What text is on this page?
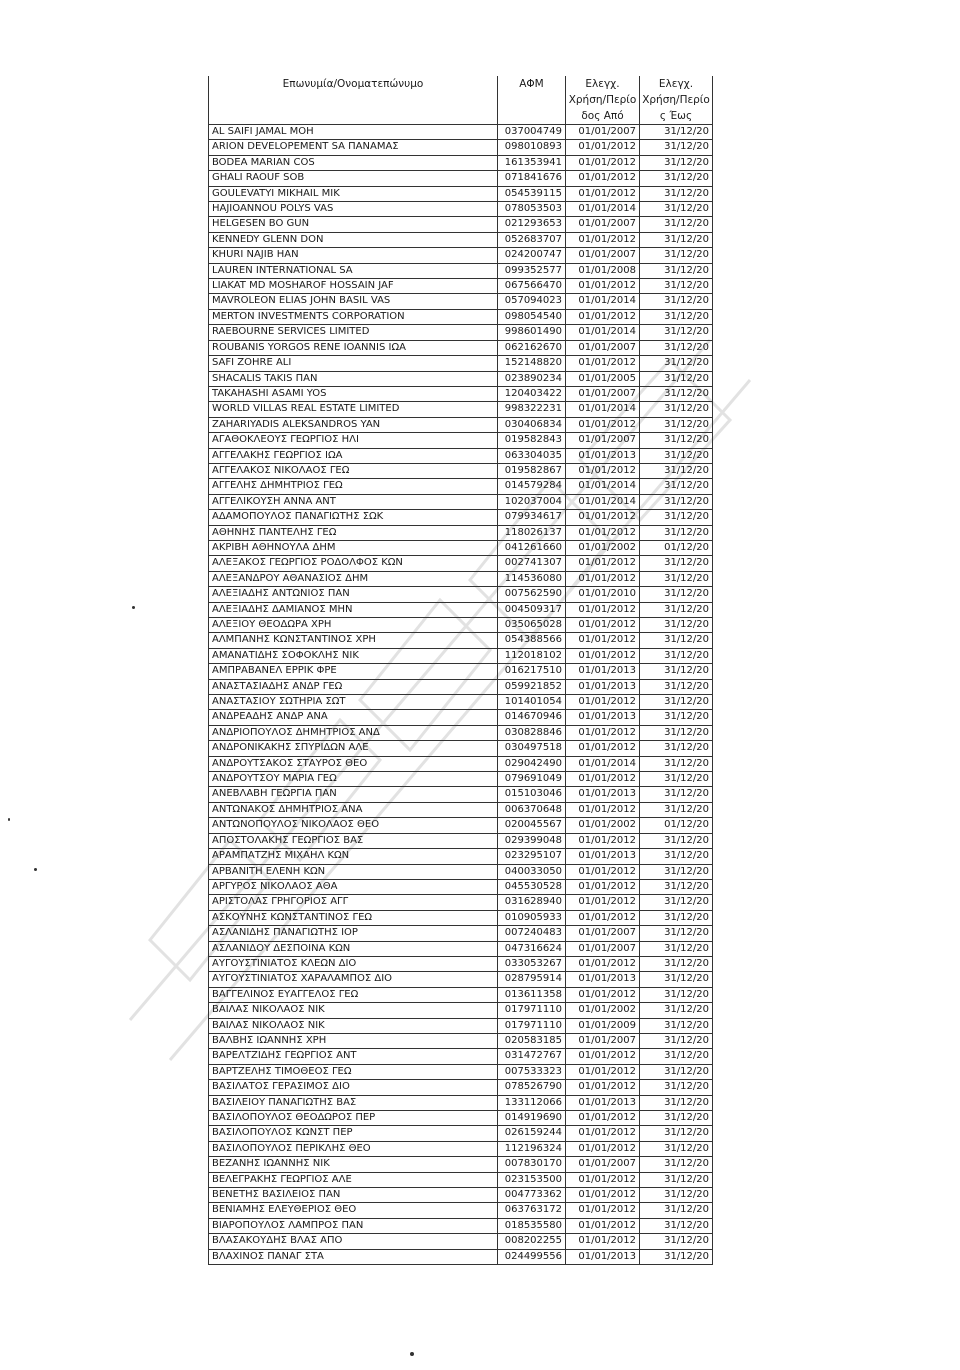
Επωνυμία/Ονοματεπώνυμο	ΑΦΜ	Ελεγχ. Χρήση/Περίο δος Από	Ελεγχ. Χρήση/Περίο ς Έως
AL SAIFI JAMAL MOH	037004749	01/01/2007	31/12/20
ARION DEVELOPEMENT SA ΠΑΝΑΜΑΣ	098010893	01/01/2012	31/12/20
BODEA MARIAN COS	161353941	01/01/2012	31/12/20
GHALI RAOUF SOB	071841676	01/01/2012	31/12/20
GOULEVATYI MIKHAIL MIK	054539115	01/01/2012	31/12/20
HAJIOANNOU POLYS VAS	078053503	01/01/2014	31/12/20
HELGESEN BO GUN	021293653	01/01/2007	31/12/20
KENNEDY GLENN DON	052683707	01/01/2012	31/12/20
KHURI NAJIB HAN	024200747	01/01/2007	31/12/20
LAUREN INTERNATIONAL SA	099352577	01/01/2008	31/12/20
LIAKAT MD MOSHAROF HOSSAIN JAF	067566470	01/01/2012	31/12/20
MAVROLEON ELIAS JOHN BASIL VAS	057094023	01/01/2014	31/12/20
MERTON INVESTMENTS CORPORATION	098054540	01/01/2012	31/12/20
RAEBOURNE SERVICES LIMITED	998601490	01/01/2014	31/12/20
ROUBANIS YORGOS RENE IOANNIS ΙΩΑ	062162670	01/01/2007	31/12/20
SAFI ZOHRE ALI	152148820	01/01/2012	31/12/20
SHACALIS TAKIS ΠΑΝ	023890234	01/01/2005	31/12/20
TAKAHASHI ASAMI YOS	120403422	01/01/2007	31/12/20
WORLD VILLAS REAL ESTATE LIMITED	998322231	01/01/2014	31/12/20
ZAHARIYADIS ALEKSANDROS YAN	030406834	01/01/2012	31/12/20
ΑΓΑΘΟΚΛΕΟΥΣ ΓΕΩΡΓΙΟΣ ΗΛΙ	019582843	01/01/2007	31/12/20
ΑΓΓΕΛΑΚΗΣ ΓΕΩΡΓΙΟΣ ΙΩΑ	063304035	01/01/2013	31/12/20
ΑΓΓΕΛΑΚΟΣ ΝΙΚΟΛΑΟΣ ΓΕΩ	019582867	01/01/2012	31/12/20
ΑΓΓΕΛΗΣ ΔΗΜΗΤΡΙΟΣ ΓΕΩ	014579284	01/01/2014	31/12/20
ΑΓΓΕΛΙΚΟΥΣΗ ΑΝΝΑ ΑΝΤ	102037004	01/01/2014	31/12/20
ΑΔΑΜΟΠΟΥΛΟΣ ΠΑΝΑΓΙΩΤΗΣ ΣΩΚ	079934617	01/01/2012	31/12/20
ΑΘΗΝΗΣ ΠΑΝΤΕΛΗΣ ΓΕΩ	118026137	01/01/2012	31/12/20
ΑΚΡΙΒΗ ΑΘΗΝΟΥΛΑ ΔΗΜ	041261660	01/01/2002	01/12/20
ΑΛΕΞΑΚΟΣ ΓΕΩΡΓΙΟΣ ΡΟΔΟΛΦΟΣ ΚΩΝ	002741307	01/01/2012	31/12/20
ΑΛΕΞΑΝΔΡΟΥ ΑΘΑΝΑΣΙΟΣ ΔΗΜ	114536080	01/01/2012	31/12/20
ΑΛΕΞΙΑΔΗΣ ΑΝΤΩΝΙΟΣ ΠΑΝ	007562590	01/01/2010	31/12/20
ΑΛΕΞΙΑΔΗΣ ΔΑΜΙΑΝΟΣ ΜΗΝ	004509317	01/01/2012	31/12/20
ΑΛΕΞΙΟΥ ΘΕΟΔΩΡΑ ΧΡΗ	035065028	01/01/2012	31/12/20
ΑΛΜΠΑΝΗΣ ΚΩΝΣΤΑΝΤΙΝΟΣ ΧΡΗ	054388566	01/01/2012	31/12/20
ΑΜΑΝΑΤΙΔΗΣ ΣΟΦΟΚΛΗΣ ΝΙΚ	112018102	01/01/2012	31/12/20
ΑΜΠΡΑΒΑΝΕΛ ΕΡΡΙΚ ΦΡΕ	016217510	01/01/2013	31/12/20
ΑΝΑΣΤΑΣΙΑΔΗΣ ΑΝΔΡ ΓΕΩ	059921852	01/01/2013	31/12/20
ΑΝΑΣΤΑΣΙΟΥ ΣΩΤΗΡΙΑ ΣΩΤ	101401054	01/01/2012	31/12/20
ΑΝΔΡΕΑΔΗΣ ΑΝΔΡ ΑΝΑ	014670946	01/01/2013	31/12/20
ΑΝΔΡΙΟΠΟΥΛΟΣ ΔΗΜΗΤΡΙΟΣ ΑΝΔ	030828846	01/01/2012	31/12/20
ΑΝΔΡΟΝΙΚΑΚΗΣ ΣΠΥΡΙΔΩΝ ΑΛΕ	030497518	01/01/2012	31/12/20
ΑΝΔΡΟΥΤΣΑΚΟΣ ΣΤΑΥΡΟΣ ΘΕΟ	029042490	01/01/2014	31/12/20
ΑΝΔΡΟΥΤΣΟΥ ΜΑΡΙΑ ΓΕΩ	079691049	01/01/2012	31/12/20
ΑΝΕΒΛΑΒΗ ΓΕΩΡΓΙΑ ΠΑΝ	015103046	01/01/2013	31/12/20
ΑΝΤΩΝΑΚΟΣ ΔΗΜΗΤΡΙΟΣ ΑΝΑ	006370648	01/01/2012	31/12/20
ΑΝΤΩΝΟΠΟΥΛΟΣ ΝΙΚΟΛΑΟΣ ΘΕΟ	020045567	01/01/2002	01/12/20
ΑΠΟΣΤΟΛΑΚΗΣ ΓΕΩΡΓΙΟΣ ΒΑΣ	029399048	01/01/2012	31/12/20
ΑΡΑΜΠΑΤΖΗΣ ΜΙΧΑΗΛ ΚΩΝ	023295107	01/01/2013	31/12/20
ΑΡΒΑΝΙΤΗ ΕΛΕΝΗ ΚΩΝ	040033050	01/01/2012	31/12/20
ΑΡΓΥΡΟΣ ΝΙΚΟΛΑΟΣ ΑΘΑ	045530528	01/01/2012	31/12/20
ΑΡΙΣΤΟΛΑΣ ΓΡΗΓΟΡΙΟΣ ΑΓΓ	031628940	01/01/2012	31/12/20
ΑΣΚΟΥΝΗΣ ΚΩΝΣΤΑΝΤΙΝΟΣ ΓΕΩ	010905933	01/01/2012	31/12/20
ΑΣΛΑΝΙΔΗΣ ΠΑΝΑΓΙΩΤΗΣ ΙΟΡ	007240483	01/01/2007	31/12/20
ΑΣΛΑΝΙΔΟΥ ΔΕΣΠΟΙΝΑ ΚΩΝ	047316624	01/01/2007	31/12/20
ΑΥΓΟΥΣΤΙΝΙΑΤΟΣ ΚΛΕΩΝ ΔΙΟ	033053267	01/01/2012	31/12/20
ΑΥΓΟΥΣΤΙΝΙΑΤΟΣ ΧΑΡΑΛΑΜΠΟΣ ΔΙΟ	028795914	01/01/2013	31/12/20
ΒΑΓΓΕΛΙΝΟΣ ΕΥΑΓΓΕΛΟΣ ΓΕΩ	013611358	01/01/2012	31/12/20
ΒΑΙΛΑΣ ΝΙΚΟΛΑΟΣ ΝΙΚ	017971110	01/01/2002	31/12/20
ΒΑΙΛΑΣ ΝΙΚΟΛΑΟΣ ΝΙΚ	017971110	01/01/2009	31/12/20
ΒΑΛΒΗΣ ΙΩΑΝΝΗΣ ΧΡΗ	020583185	01/01/2007	31/12/20
ΒΑΡΕΛΤΖΙΔΗΣ ΓΕΩΡΓΙΟΣ ΑΝΤ	031472767	01/01/2012	31/12/20
ΒΑΡΤΖΕΛΗΣ ΤΙΜΟΘΕΟΣ ΓΕΩ	007533323	01/01/2012	31/12/20
ΒΑΣΙΛΑΤΟΣ ΓΕΡΑΣΙΜΟΣ ΔΙΟ	078526790	01/01/2012	31/12/20
ΒΑΣΙΛΕΙΟΥ ΠΑΝΑΓΙΩΤΗΣ ΒΑΣ	133112066	01/01/2013	31/12/20
ΒΑΣΙΛΟΠΟΥΛΟΣ ΘΕΟΔΩΡΟΣ ΠΕΡ	014919690	01/01/2012	31/12/20
ΒΑΣΙΛΟΠΟΥΛΟΣ ΚΩΝΣΤ ΠΕΡ	026159244	01/01/2012	31/12/20
ΒΑΣΙΛΟΠΟΥΛΟΣ ΠΕΡΙΚΛΗΣ ΘΕΟ	112196324	01/01/2012	31/12/20
ΒΕΖΑΝΗΣ ΙΩΑΝΝΗΣ ΝΙΚ	007830170	01/01/2007	31/12/20
ΒΕΛΕΓΡΑΚΗΣ ΓΕΩΡΓΙΟΣ ΑΛΕ	023153500	01/01/2012	31/12/20
ΒΕΝΕΤΗΣ ΒΑΣΙΛΕΙΟΣ ΠΑΝ	004773362	01/01/2012	31/12/20
ΒΕΝΙΑΜΗΣ ΕΛΕΥΘΕΡΙΟΣ ΘΕΟ	063763172	01/01/2012	31/12/20
ΒΙΑΡΟΠΟΥΛΟΣ ΛΑΜΠΡΟΣ ΠΑΝ	018535580	01/01/2012	31/12/20
ΒΛΑΣΑΚΟΥΔΗΣ ΒΛΑΣ ΑΠΟ	008202255	01/01/2012	31/12/20
ΒΛΑΧΙΝΟΣ ΠΑΝΑΓ ΣΤΑ	024499556	01/01/2013	31/12/20
